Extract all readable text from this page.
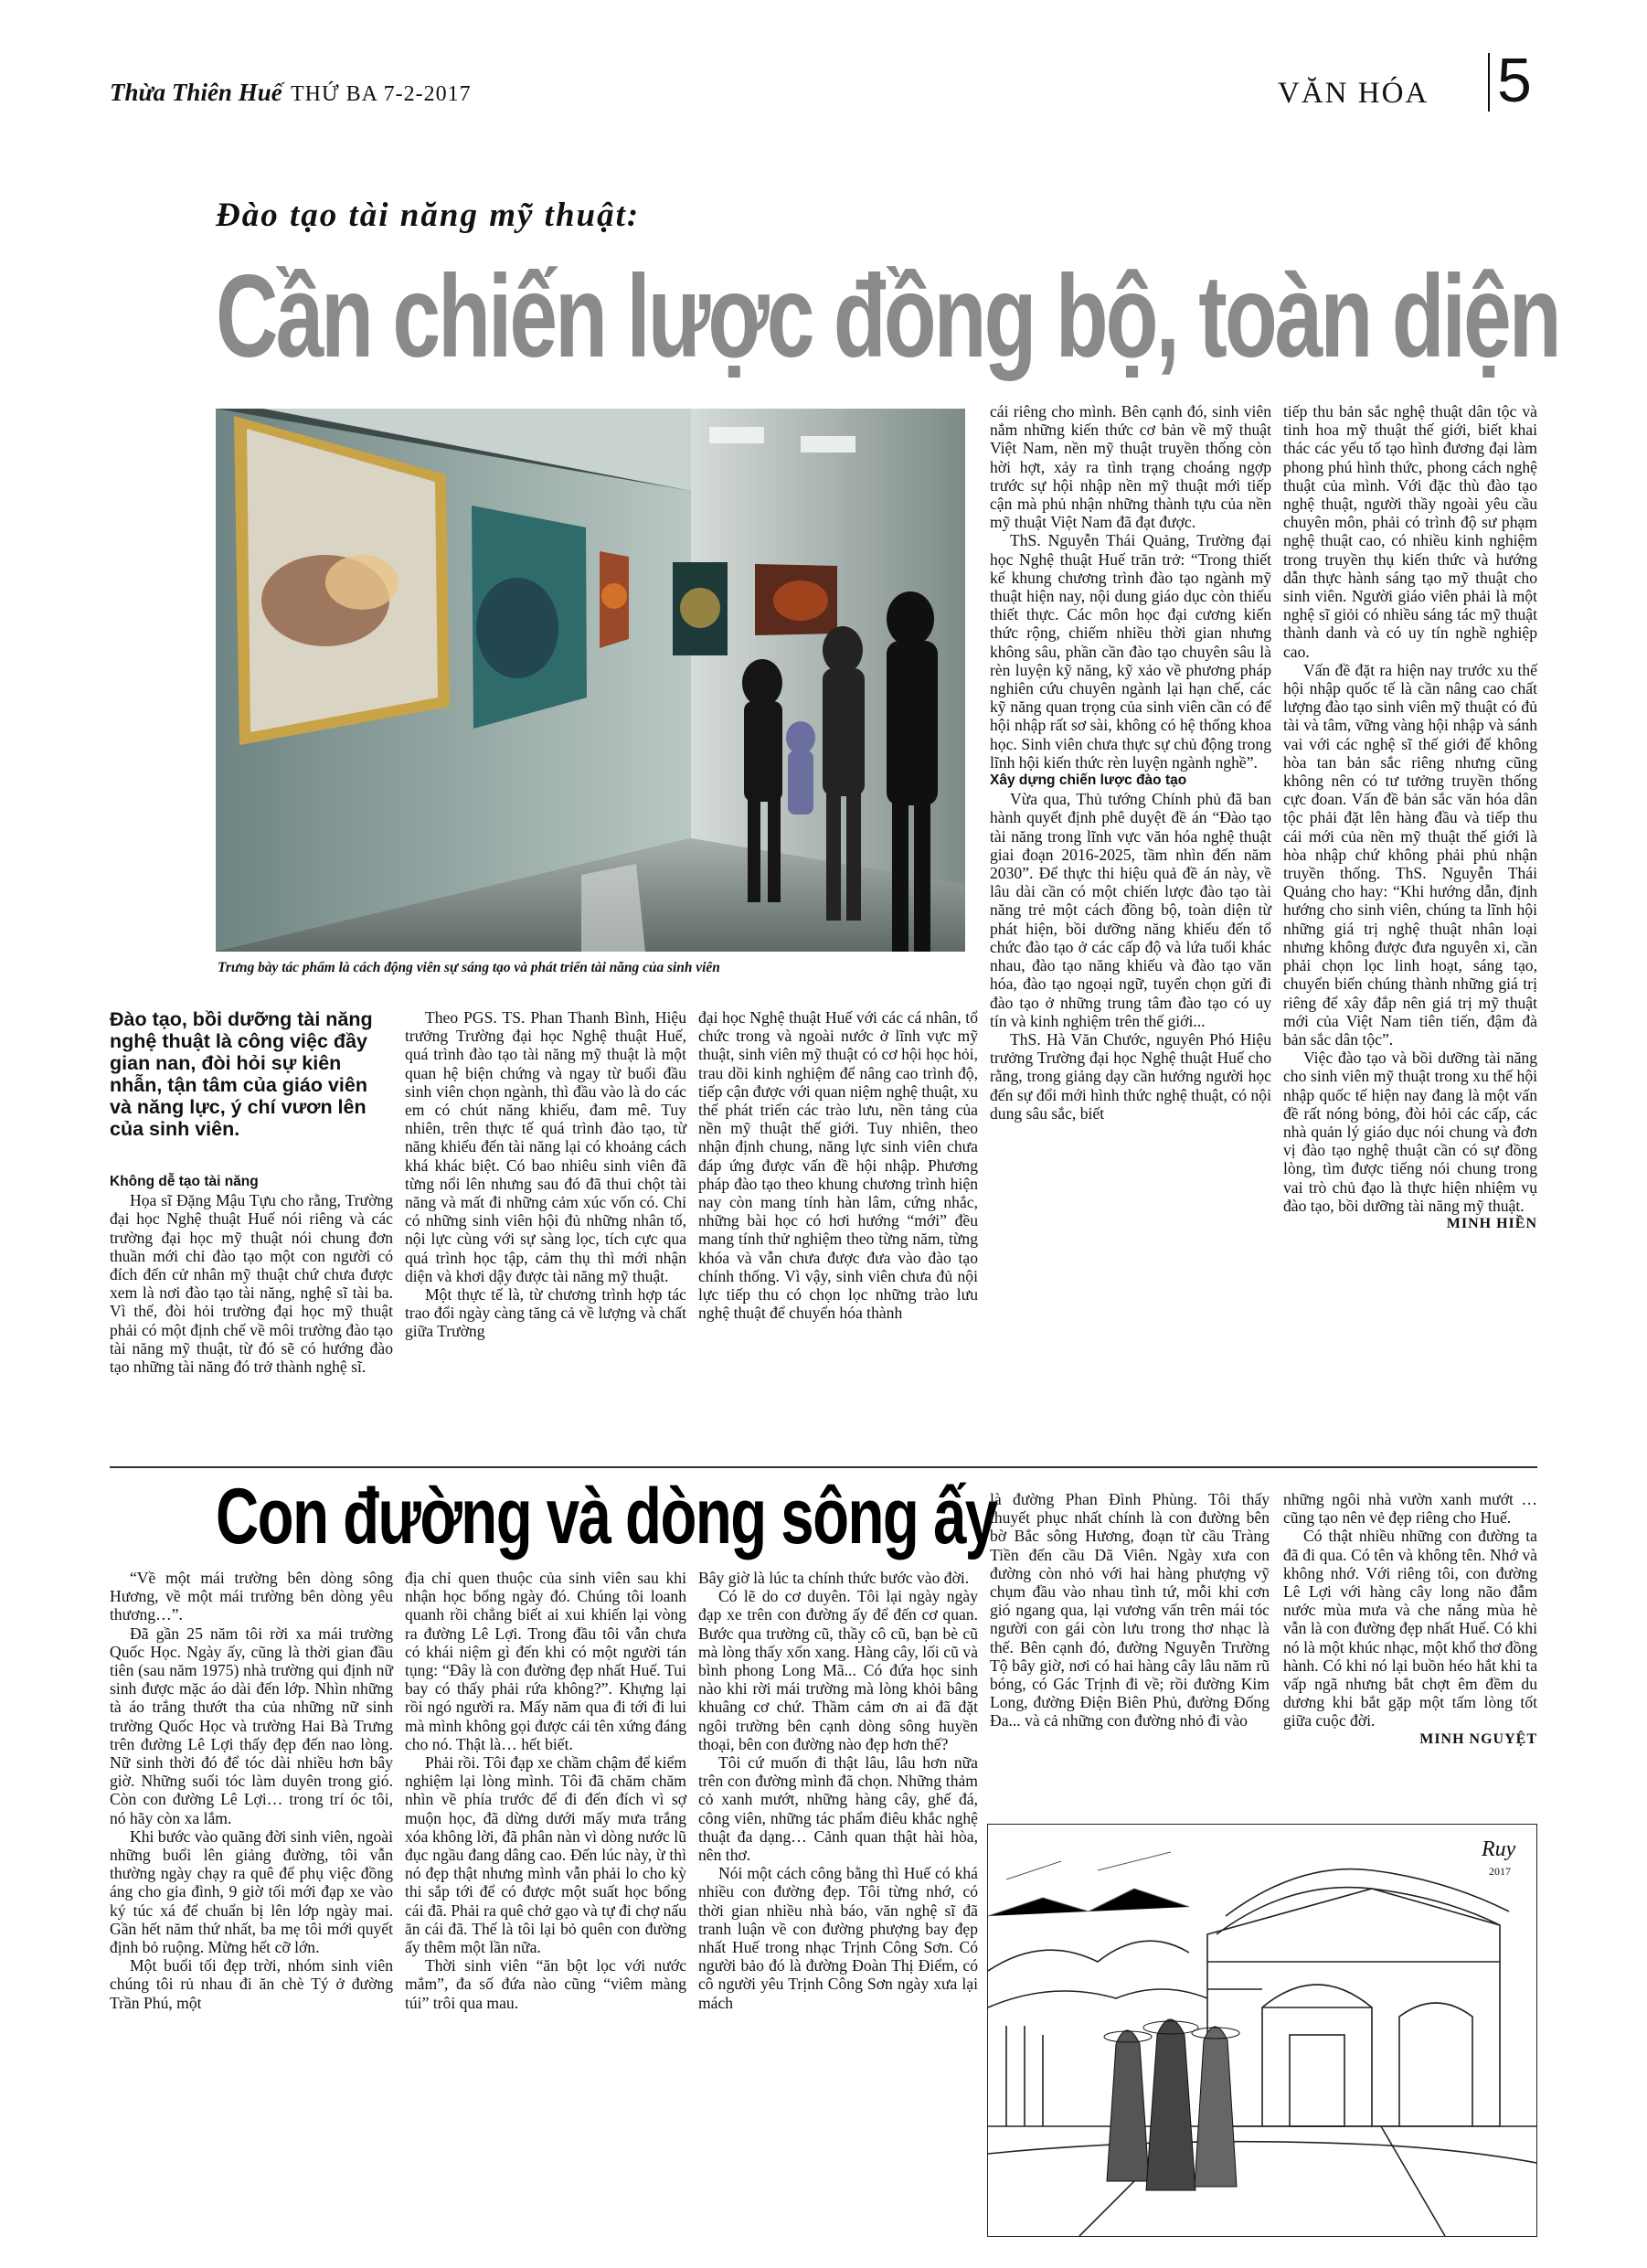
Thừa Thiên Huế THỨ BA 7-2-2017	VĂN HÓA 5
Đào tạo tài năng mỹ thuật:
Cần chiến lược đồng bộ, toàn diện
Trưng bày tác phẩm là cách động viên sự sáng tạo và phát triển tài năng của sinh viên
Đào tạo, bồi dưỡng tài năng nghệ thuật là công việc đầy gian nan, đòi hỏi sự kiên nhẫn, tận tâm của giáo viên và năng lực, ý chí vươn lên của sinh viên.

Không dễ tạo tài năng

Họa sĩ Đặng Mậu Tựu cho rằng, Trường đại học Nghệ thuật Huế nói riêng và các trường đại học mỹ thuật nói chung đơn thuần mới chỉ đào tạo một con người có đích đến cử nhân mỹ thuật chứ chưa được xem là nơi đào tạo tài năng, nghệ sĩ tài ba. Vì thế, đòi hỏi trường đại học mỹ thuật phải có một định chế về môi trường đào tạo tài năng mỹ thuật, từ đó sẽ có hướng đào tạo những tài năng đó trở thành nghệ sĩ.

Theo PGS. TS. Phan Thanh Bình, Hiệu trưởng Trường đại học Nghệ thuật Huế, quá trình đào tạo tài năng mỹ thuật là một quan hệ biện chứng và ngay từ buổi đầu sinh viên chọn ngành, thì đầu vào là do các em có chút năng khiếu, đam mê. Tuy nhiên, trên thực tế quá trình đào tạo, từ năng khiếu đến tài năng lại có khoảng cách khá khác biệt. Có bao nhiêu sinh viên đã từng nổi lên nhưng sau đó đã thui chột tài năng và mất đi những cảm xúc vốn có. Chỉ có những sinh viên hội đủ những nhân tố, nội lực cùng với sự sàng lọc, tích cực qua quá trình học tập, cảm thụ thì mới nhận diện và khơi dậy được tài năng mỹ thuật.

Một thực tế là, từ chương trình hợp tác trao đổi ngày càng tăng cả về lượng và chất giữa Trường

đại học Nghệ thuật Huế với các cá nhân, tổ chức trong và ngoài nước ở lĩnh vực mỹ thuật, sinh viên mỹ thuật có cơ hội học hỏi, trau dồi kinh nghiệm để nâng cao trình độ, tiếp cận được với quan niệm nghệ thuật, xu thế phát triển các trào lưu, nền tảng của nền mỹ thuật thế giới. Tuy nhiên, theo nhận định chung, năng lực sinh viên chưa đáp ứng được vấn đề hội nhập. Phương pháp đào tạo theo khung chương trình hiện nay còn mang tính hàn lâm, cứng nhắc, những bài học có hơi hướng “mới” đều mang tính thử nghiệm theo từng năm, từng khóa và vẫn chưa được đưa vào đào tạo chính thống. Vì vậy, sinh viên chưa đủ nội lực tiếp thu có chọn lọc những trào lưu nghệ thuật để chuyển hóa thành

cái riêng cho mình. Bên cạnh đó, sinh viên nắm những kiến thức cơ bản về mỹ thuật Việt Nam, nền mỹ thuật truyền thống còn hời hợt, xảy ra tình trạng choáng ngợp trước sự hội nhập nền mỹ thuật mới tiếp cận mà phủ nhận những thành tựu của nền mỹ thuật Việt Nam đã đạt được.

ThS. Nguyễn Thái Quảng, Trường đại học Nghệ thuật Huế trăn trở: “Trong thiết kế khung chương trình đào tạo ngành mỹ thuật hiện nay, nội dung giáo dục còn thiếu thiết thực. Các môn học đại cương kiến thức rộng, chiếm nhiều thời gian nhưng không sâu, phần cần đào tạo chuyên sâu là rèn luyện kỹ năng, kỹ xảo về phương pháp nghiên cứu chuyên ngành lại hạn chế, các kỹ năng quan trọng của sinh viên cần có để hội nhập rất sơ sài, không có hệ thống khoa học. Sinh viên chưa thực sự chủ động trong lĩnh hội kiến thức rèn luyện ngành nghề”.

Xây dựng chiến lược đào tạo

Vừa qua, Thủ tướng Chính phủ đã ban hành quyết định phê duyệt đề án “Đào tạo tài năng trong lĩnh vực văn hóa nghệ thuật giai đoạn 2016-2025, tầm nhìn đến năm 2030”. Để thực thi hiệu quả đề án này, về lâu dài cần có một chiến lược đào tạo tài năng trẻ một cách đồng bộ, toàn diện từ phát hiện, bồi dưỡng năng khiếu đến tổ chức đào tạo ở các cấp độ và lứa tuổi khác nhau, đào tạo năng khiếu và đào tạo văn hóa, đào tạo ngoại ngữ, tuyển chọn gửi đi đào tạo ở những trung tâm đào tạo có uy tín và kinh nghiệm trên thế giới...

ThS. Hà Văn Chước, nguyên Phó Hiệu trưởng Trường đại học Nghệ thuật Huế cho rằng, trong giảng dạy cần hướng người học đến sự đổi mới hình thức nghệ thuật, có nội dung sâu sắc, biết

tiếp thu bản sắc nghệ thuật dân tộc và tinh hoa mỹ thuật thế giới, biết khai thác các yếu tố tạo hình đương đại làm phong phú hình thức, phong cách nghệ thuật của mình. Với đặc thù đào tạo nghệ thuật, người thầy ngoài yêu cầu chuyên môn, phải có trình độ sư phạm nghệ thuật cao, có nhiều kinh nghiệm trong truyền thụ kiến thức và hướng dẫn thực hành sáng tạo mỹ thuật cho sinh viên. Người giáo viên phải là một nghệ sĩ giỏi có nhiều sáng tác mỹ thuật thành danh và có uy tín nghề nghiệp cao.

Vấn đề đặt ra hiện nay trước xu thế hội nhập quốc tế là cần nâng cao chất lượng đào tạo sinh viên mỹ thuật có đủ tài và tâm, vững vàng hội nhập và sánh vai với các nghệ sĩ thế giới để không hòa tan bản sắc riêng nhưng cũng không nên có tư tưởng truyền thống cực đoan. Vấn đề bản sắc văn hóa dân tộc phải đặt lên hàng đầu và tiếp thu cái mới của nền mỹ thuật thế giới là hòa nhập chứ không phải phủ nhận truyền thống. ThS. Nguyễn Thái Quảng cho hay: “Khi hướng dẫn, định hướng cho sinh viên, chúng ta lĩnh hội những giá trị nghệ thuật nhân loại nhưng không được đưa nguyên xi, cần phải chọn lọc linh hoạt, sáng tạo, chuyển biến chúng thành những giá trị riêng để xây đắp nên giá trị mỹ thuật mới của Việt Nam tiên tiến, đậm đà bản sắc dân tộc”.

Việc đào tạo và bồi dưỡng tài năng cho sinh viên mỹ thuật trong xu thế hội nhập quốc tế hiện nay đang là một vấn đề rất nóng bỏng, đòi hỏi các cấp, các nhà quản lý giáo dục nói chung và đơn vị đào tạo nghệ thuật cần có sự đồng lòng, tìm được tiếng nói chung trong vai trò chủ đạo là thực hiện nhiệm vụ đào tạo, bồi dưỡng tài năng mỹ thuật.

MINH HIỀN

Con đường và dòng sông ấy

“Về một mái trường bên dòng sông Hương, về một mái trường bên dòng yêu thương…”.

Đã gần 25 năm tôi rời xa mái trường Quốc Học. Ngày ấy, cũng là thời gian đầu tiên (sau năm 1975) nhà trường qui định nữ sinh được mặc áo dài đến lớp. Nhìn những tà áo trắng thướt tha của những nữ sinh trường Quốc Học và trường Hai Bà Trưng trên đường Lê Lợi thấy đẹp đến nao lòng. Nữ sinh thời đó để tóc dài nhiều hơn bây giờ. Những suối tóc làm duyên trong gió. Còn con đường Lê Lợi… trong trí óc tôi, nó hãy còn xa lắm.

Khi bước vào quãng đời sinh viên, ngoài những buổi lên giảng đường, tôi vẫn thường ngày chạy ra quê để phụ việc đồng áng cho gia đình, 9 giờ tối mới đạp xe vào ký túc xá để chuẩn bị lên lớp ngày mai. Gần hết năm thứ nhất, ba mẹ tôi mới quyết định bỏ ruộng. Mừng hết cỡ lớn.

Một buổi tối đẹp trời, nhóm sinh viên chúng tôi rủ nhau đi ăn chè Tý ở đường Trần Phú, một

địa chỉ quen thuộc của sinh viên sau khi nhận học bổng ngày đó. Chúng tôi loanh quanh rồi chẳng biết ai xui khiến lại vòng ra đường Lê Lợi. Trong đầu tôi vẫn chưa có khái niệm gì đến khi có một người tán tụng: “Đây là con đường đẹp nhất Huế. Tui bay có thấy phải rứa không?”. Khựng lại rồi ngó người ra. Mấy năm qua đi tới đi lui mà mình không gọi được cái tên xứng đáng cho nó. Thật là… hết biết.

Phải rồi. Tôi đạp xe chầm chậm để kiểm nghiệm lại lòng mình. Tôi đã chăm chăm nhìn về phía trước để đi đến đích vì sợ muộn học, đã dừng dưới mấy mưa trắng xóa không lời, đã phân nàn vì dòng nước lũ đục ngầu đang dâng cao. Đến lúc này, ừ thì nó đẹp thật nhưng mình vẫn phải lo cho kỳ thi sắp tới để có được một suất học bổng cái đã. Phải ra quê chở gạo và tự đi chợ nấu ăn cái đã. Thế là tôi lại bỏ quên con đường ấy thêm một lần nữa.

Thời sinh viên “ăn bột lọc với nước mắm”, đa số đứa nào cũng “viêm màng túi” trôi qua mau.

Bây giờ là lúc ta chính thức bước vào đời.

Có lẽ do cơ duyên. Tôi lại ngày ngày đạp xe trên con đường ấy để đến cơ quan. Bước qua trường cũ, thầy cô cũ, bạn bè cũ mà lòng thấy xốn xang. Hàng cây, lối cũ và bình phong Long Mã... Có đứa học sinh nào khi rời mái trường mà lòng khỏi bâng khuâng cơ chứ. Thầm cảm ơn ai đã đặt ngôi trường bên cạnh dòng sông huyền thoại, bên con đường nào đẹp hơn thế?

Tôi cứ muốn đi thật lâu, lâu hơn nữa trên con đường mình đã chọn. Những thảm cỏ xanh mướt, những hàng cây, ghế đá, công viên, những tác phẩm điêu khắc nghệ thuật đa dạng… Cảnh quan thật hài hòa, nên thơ.

Nói một cách công bằng thì Huế có khá nhiều con đường đẹp. Tôi từng nhớ, có thời gian nhiều nhà báo, văn nghệ sĩ đã tranh luận về con đường phượng bay đẹp nhất Huế trong nhạc Trịnh Công Sơn. Có người bảo đó là đường Đoàn Thị Điểm, có cô người yêu Trịnh Công Sơn ngày xưa lại mách

là đường Phan Đình Phùng. Tôi thấy thuyết phục nhất chính là con đường bên bờ Bắc sông Hương, đoạn từ cầu Tràng Tiền đến cầu Dã Viên. Ngày xưa con đường còn nhỏ với hai hàng phượng vỹ chụm đầu vào nhau tình tứ, mỗi khi cơn gió ngang qua, lại vương vấn trên mái tóc người con gái còn lưu trong thơ nhạc là thế. Bên cạnh đó, đường Nguyễn Trường Tộ bây giờ, nơi có hai hàng cây lâu năm rũ bóng, có Gác Trịnh đi về; rồi đường Kim Long, đường Điện Biên Phủ, đường Đống Đa... và cả những con đường nhỏ đi vào

những ngôi nhà vườn xanh mướt … cũng tạo nên vẻ đẹp riêng cho Huế.

Có thật nhiều những con đường ta đã đi qua. Có tên và không tên. Nhớ và không nhớ. Với riêng tôi, con đường Lê Lợi với hàng cây long não đẫm nước mùa mưa và che nắng mùa hè vẫn là con đường đẹp nhất Huế. Có khi nó là một khúc nhạc, một khổ thơ đồng hành. Có khi nó lại buồn héo hắt khi ta vấp ngã nhưng bắt chợt êm đềm du dương khi bắt gặp một tấm lòng tốt giữa cuộc đời.

MINH NGUYỆT

Ruy
2017
